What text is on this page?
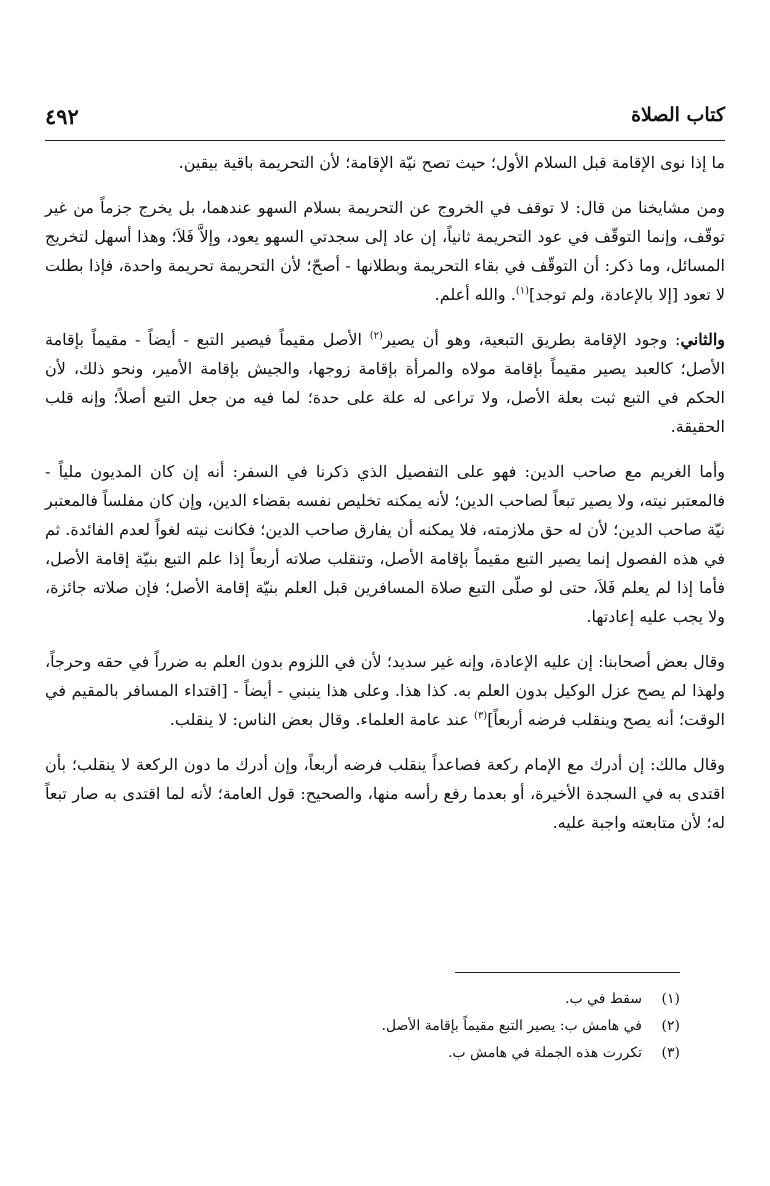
كتاب الصلاة
٤٩٢

ما إذا نوى الإقامة قبل السلام الأول؛ حيث تصح نيّة الإقامة؛ لأن التحريمة باقية بيقين.

ومن مشايخنا من قال: لا توقف في الخروج عن التحريمة بسلام السهو عندهما، بل يخرج جزماً من غير توقّف، وإنما التوقّف في عود التحريمة ثانياً، إن عاد إلى سجدتي السهو يعود، وإلاَّ فَلاَ؛ وهذا أسهل لتخريج المسائل، وما ذكر: أن التوقّف في بقاء التحريمة وبطلانها - أصحّ؛ لأن التحريمة تحريمة واحدة، فإذا بطلت لا تعود [إلا بالإعادة، ولم توجد]$^{(١)}$. والله أعلم.

والثاني: وجود الإقامة بطريق التبعية، وهو أن يصير$^{(٢)}$ الأصل مقيماً فيصير التبع - أيضاً - مقيماً بإقامة الأصل؛ كالعبد يصير مقيماً بإقامة مولاه والمرأة بإقامة زوجها، والجيش بإقامة الأمير، ونحو ذلك، لأن الحكم في التبع ثبت بعلة الأصل، ولا تراعى له علة على حدة؛ لما فيه من جعل التبع أصلاً؛ وإنه قلب الحقيقة.

وأما الغريم مع صاحب الدين: فهو على التفصيل الذي ذكرنا في السفر: أنه إن كان المديون ملياً - فالمعتبر نيته، ولا يصير تبعاً لصاحب الدين؛ لأنه يمكنه تخليص نفسه بقضاء الدين، وإن كان مفلساً فالمعتبر نيّة صاحب الدين؛ لأن له حق ملازمته، فلا يمكنه أن يفارق صاحب الدين؛ فكانت نيته لغواً لعدم الفائدة. ثم في هذه الفصول إنما يصير التبع مقيماً بإقامة الأصل، وتنقلب صلاته أربعاً إذا علم التبع بنيّة إقامة الأصل، فأما إذا لم يعلم فَلاَ، حتى لو صلّى التبع صلاة المسافرين قبل العلم بنيّة إقامة الأصل؛ فإن صلاته جائزة، ولا يجب عليه إعادتها.

وقال بعض أصحابنا: إن عليه الإعادة، وإنه غير سديد؛ لأن في اللزوم بدون العلم به ضرراً في حقه وحرجاً، ولهذا لم يصح عزل الوكيل بدون العلم به. كذا هذا. وعلى هذا ينبني - أيضاً - [اقتداء المسافر بالمقيم في الوقت؛ أنه يصح وينقلب فرضه أربعاً]$^{(٣)}$ عند عامة العلماء. وقال بعض الناس: لا ينقلب.

وقال مالك: إن أدرك مع الإمام ركعة فصاعداً ينقلب فرضه أربعاً، وإن أدرك ما دون الركعة لا ينقلب؛ بأن اقتدى به في السجدة الأخيرة، أو بعدما رفع رأسه منها، والصحيح: قول العامة؛ لأنه لما اقتدى به صار تبعاً له؛ لأن متابعته واجبة عليه.

(١)
سقط في ب.
(٢)
في هامش ب: يصير التبع مقيماً بإقامة الأصل.
(٣)
تكررت هذه الجملة في هامش ب.
